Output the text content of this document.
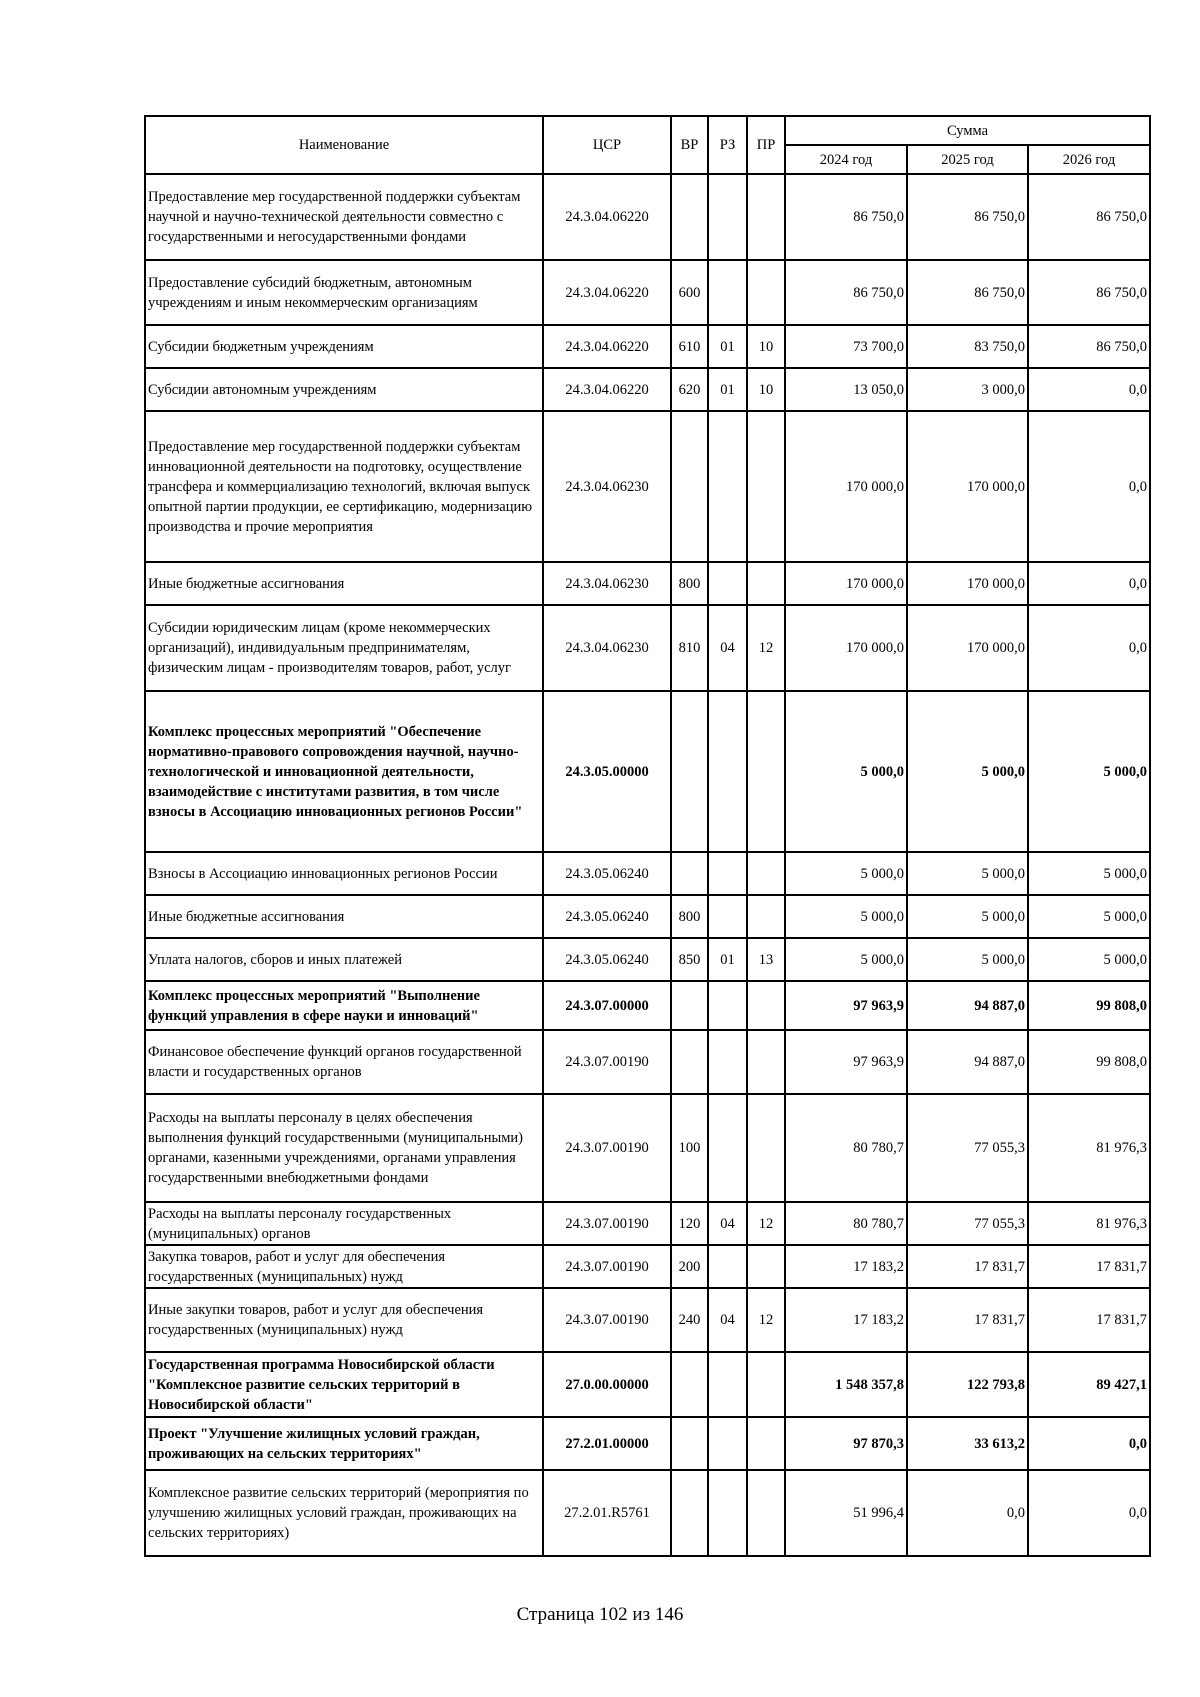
Наименование	ЦСР	ВР	РЗ	ПР	Сумма		
					2024 год	2025 год	2026 год
Предоставление мер государственной поддержки субъектам научной и научно-технической деятельности совместно с государственными и негосударственными фондами	24.3.04.06220				86 750,0	86 750,0	86 750,0
Предоставление субсидий бюджетным, автономным учреждениям и иным некоммерческим организациям	24.3.04.06220	600			86 750,0	86 750,0	86 750,0
Субсидии бюджетным учреждениям	24.3.04.06220	610	01	10	73 700,0	83 750,0	86 750,0
Субсидии автономным учреждениям	24.3.04.06220	620	01	10	13 050,0	3 000,0	0,0
Предоставление мер государственной поддержки субъектам инновационной деятельности на подготовку, осуществление трансфера и коммерциализацию технологий, включая выпуск опытной партии продукции, ее сертификацию, модернизацию производства и прочие мероприятия	24.3.04.06230				170 000,0	170 000,0	0,0
Иные бюджетные ассигнования	24.3.04.06230	800			170 000,0	170 000,0	0,0
Субсидии юридическим лицам (кроме некоммерческих организаций), индивидуальным предпринимателям, физическим лицам - производителям товаров, работ, услуг	24.3.04.06230	810	04	12	170 000,0	170 000,0	0,0
Комплекс процессных мероприятий "Обеспечение нормативно-правового сопровождения научной, научно-технологической и инновационной деятельности, взаимодействие с институтами развития, в том числе взносы в Ассоциацию инновационных регионов России"	24.3.05.00000				5 000,0	5 000,0	5 000,0
Взносы в Ассоциацию инновационных регионов России	24.3.05.06240				5 000,0	5 000,0	5 000,0
Иные бюджетные ассигнования	24.3.05.06240	800			5 000,0	5 000,0	5 000,0
Уплата налогов, сборов и иных платежей	24.3.05.06240	850	01	13	5 000,0	5 000,0	5 000,0
Комплекс процессных мероприятий "Выполнение функций управления в сфере науки и инноваций"	24.3.07.00000				97 963,9	94 887,0	99 808,0
Финансовое обеспечение функций органов государственной власти и государственных органов	24.3.07.00190				97 963,9	94 887,0	99 808,0
Расходы на выплаты персоналу в целях обеспечения выполнения функций государственными (муниципальными) органами, казенными учреждениями, органами управления государственными внебюджетными фондами	24.3.07.00190	100			80 780,7	77 055,3	81 976,3
Расходы на выплаты персоналу государственных (муниципальных) органов	24.3.07.00190	120	04	12	80 780,7	77 055,3	81 976,3
Закупка товаров, работ и услуг для обеспечения государственных (муниципальных) нужд	24.3.07.00190	200			17 183,2	17 831,7	17 831,7
Иные закупки товаров, работ и услуг для обеспечения государственных (муниципальных) нужд	24.3.07.00190	240	04	12	17 183,2	17 831,7	17 831,7
Государственная программа Новосибирской области "Комплексное развитие сельских территорий в Новосибирской области"	27.0.00.00000				1 548 357,8	122 793,8	89 427,1
Проект "Улучшение жилищных условий граждан, проживающих на сельских территориях"	27.2.01.00000				97 870,3	33 613,2	0,0
Комплексное развитие сельских территорий (мероприятия по улучшению жилищных условий граждан, проживающих на сельских территориях)	27.2.01.R5761				51 996,4	0,0	0,0
Страница 102 из 146
